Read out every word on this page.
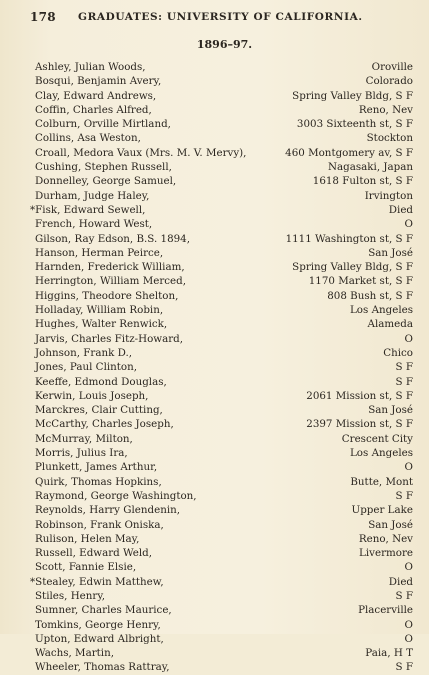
178 GRADUATES: UNIVERSITY OF CALIFORNIA.
1896–97.
Ashley, Julian Woods,	Oroville
Bosqui, Benjamin Avery,	Colorado
Clay, Edward Andrews,	Spring Valley Bldg, S F
Coffin, Charles Alfred,	Reno, Nev
Colburn, Orville Mirtland,	3003 Sixteenth st, S F
Collins, Asa Weston,	Stockton
Croall, Medora Vaux (Mrs. M. V. Mervy),	460 Montgomery av, S F
Cushing, Stephen Russell,	Nagasaki, Japan
Donnelley, George Samuel,	1618 Fulton st, S F
Durham, Judge Haley,	Irvington
*Fisk, Edward Sewell,	Died
French, Howard West,	O
Gilson, Ray Edson, B.S. 1894,	1111 Washington st, S F
Hanson, Herman Peirce,	San José
Harnden, Frederick William,	Spring Valley Bldg, S F
Herrington, William Merced,	1170 Market st, S F
Higgins, Theodore Shelton,	808 Bush st, S F
Holladay, William Robin,	Los Angeles
Hughes, Walter Renwick,	Alameda
Jarvis, Charles Fitz-Howard,	O
Johnson, Frank D.,	Chico
Jones, Paul Clinton,	S F
Keeffe, Edmond Douglas,	S F
Kerwin, Louis Joseph,	2061 Mission st, S F
Marckres, Clair Cutting,	San José
McCarthy, Charles Joseph,	2397 Mission st, S F
McMurray, Milton,	Crescent City
Morris, Julius Ira,	Los Angeles
Plunkett, James Arthur,	O
Quirk, Thomas Hopkins,	Butte, Mont
Raymond, George Washington,	S F
Reynolds, Harry Glendenin,	Upper Lake
Robinson, Frank Oniska,	San José
Rulison, Helen May,	Reno, Nev
Russell, Edward Weld,	Livermore
Scott, Fannie Elsie,	O
*Stealey, Edwin Matthew,	Died
Stiles, Henry,	S F
Sumner, Charles Maurice,	Placerville
Tomkins, George Henry,	O
Upton, Edward Albright,	O
Wachs, Martin,	Paia, H T
Wheeler, Thomas Rattray,	S F
